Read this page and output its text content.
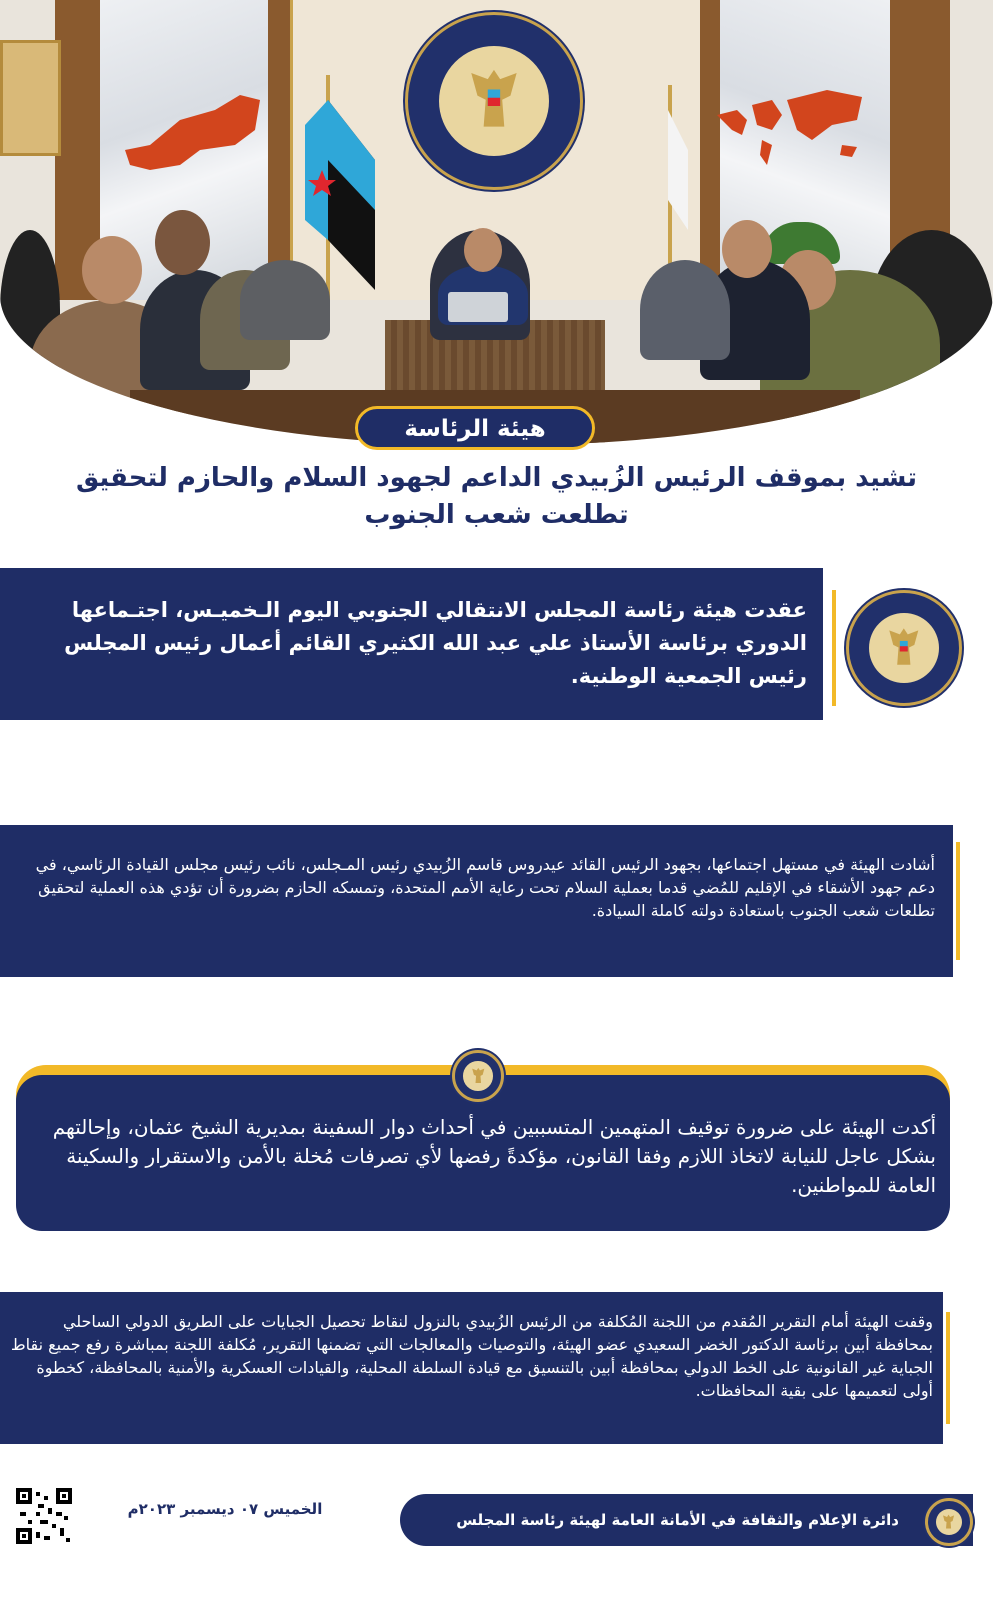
هيئة الرئاسة
تشيد بموقف الرئيس الزُبيدي الداعم لجهود السلام والحازم لتحقيق تطلعت شعب الجنوب
عقدت هيئة رئاسة المجلس الانتقالي الجنوبي اليوم الـخميـس، اجتـماعها الدوري برئاسة الأستاذ علي عبد الله الكثيري القائم أعمال رئيس المجلس رئيس الجمعية الوطنية.
أشادت الهيئة في مستهل اجتماعها، بجهود الرئيس القائد عيدروس قاسم الزُبيدي رئيس المـجلس، نائب رئيس مجلس القيادة الرئاسي، في دعم جهود الأشقاء في الإقليم للمُضي قدما بعملية السلام تحت رعاية الأمم المتحدة، وتمسكه الحازم بضرورة أن تؤدي هذه العملية لتحقيق تطلعات شعب الجنوب باستعادة دولته كاملة السيادة.
أكدت الهيئة على ضرورة توقيف المتهمين المتسببين في أحداث دوار السفينة بمديرية الشيخ عثمان، وإحالتهم بشكل عاجل للنيابة لاتخاذ اللازم وفقا القانون، مؤكدةً رفضها لأي تصرفات مُخلة بالأمن والاستقرار والسكينة العامة للمواطنين.
وقفت الهيئة أمام التقرير المُقدم من اللجنة المُكلفة من الرئيس الزُبيدي بالنزول لنقاط تحصيل الجبايات على الطريق الدولي الساحلي بمحافظة أبين برئاسة الدكتور الخضر السعيدي عضو الهيئة، والتوصيات والمعالجات التي تضمنها التقرير، مُكلفة اللجنة بمباشرة رفع جميع نقاط الجباية غير القانونية على الخط الدولي بمحافظة أبين بالتنسيق مع قيادة السلطة المحلية، والقيادات العسكرية والأمنية بالمحافظة، كخطوة أولى لتعميمها على بقية المحافظات.
الخميس ٠٧ ديسمبر ٢٠٢٣م
دائرة الإعلام والثقافة في الأمانة العامة لهيئة رئاسة المجلس الانتقالي الجنوبي
